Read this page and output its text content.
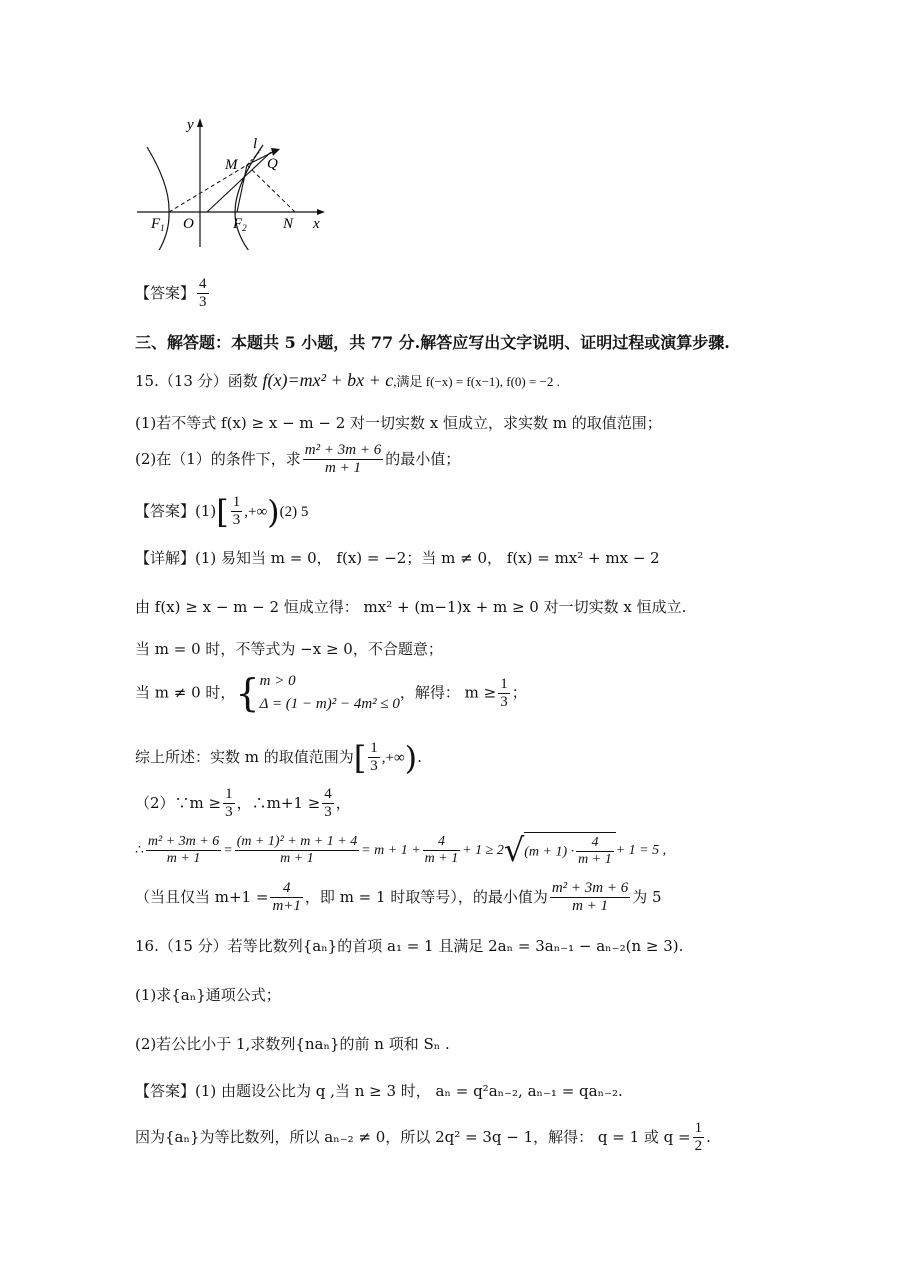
y
l
M Q
$F_1$ O	$F_2$ N x
【答案】 $\frac{4}{3}$
三、解答题：本题共 5 小题，共 77 分.解答应写出文字说明、证明过程或演算步骤.
15.（13 分）函数 f(x)=mx² + bx + c,满足 f(−x) = f(x−1), f(0) = −2 .
(1)若不等式 f(x) ≥ x − m − 2 对一切实数 x 恒成立，求实数 m 的取值范围；
(2)在（1）的条件下，求 $\frac{\text{m² + 3m + 6}}{m + 1}$ 的最小值；
【答案】$(1)[ \frac{1}{3} ,+\infty)(2)$ 5
【详解】(1) 易知当 m = 0， f(x) = −2；当 m ≠ 0， f(x) = mx² + mx − 2
由 f(x) ≥ x − m − 2 恒成立得： mx² + (m−1)x + m ≥ 0 对一切实数 x 恒成立.
当 m = 0 时，不等式为 −x ≥ 0，不合题意；
当 m ≠ 0 时，{ m > 0
Δ = (1 − m)² − 4m² ≤ 0
，解得： $m \ge \frac{1}{3}$ ；
综上所述：实数 m 的取值范围为[ $\frac{1}{3}$ ,+∞).
（2）∵m ≥ $\frac{1}{3}$ ，∴m+1 ≥ $\frac{4}{3}$ ，
∴ $\frac{\text{m² + 3m + 6}}{m + 1} = \frac{\text{(m + 1)² + m + 1 + 4}}{m + 1} = m + 1 + \frac{4}{m + 1} + 1 \ge 2√(m + 1) \cdot \frac{4}{m + 1} + 1 = 5$ ,
（当且仅当 $m+1 = \frac{4}{m+1}$ ，即 m = 1 时取等号），的最小值为 $\frac{\text{m² + 3m + 6}}{m + 1}$ 为 5
16.（15 分）若等比数列{aₙ}的首项 a₁ = 1 且满足 2aₙ = 3aₙ₋₁ − aₙ₋₂(n ≥ 3).
(1)求{aₙ}通项公式；
(2)若公比小于 1,求数列{naₙ}的前 n 项和 Sₙ .
【答案】(1) 由题设公比为 q ,当 n ≥ 3 时， aₙ = q²aₙ₋₂, aₙ₋₁ = qaₙ₋₂.
因为{aₙ}为等比数列，所以 aₙ₋₂ ≠ 0，所以 2q² = 3q − 1，解得： q = 1 或 $q = \frac{1}{2}$ .
